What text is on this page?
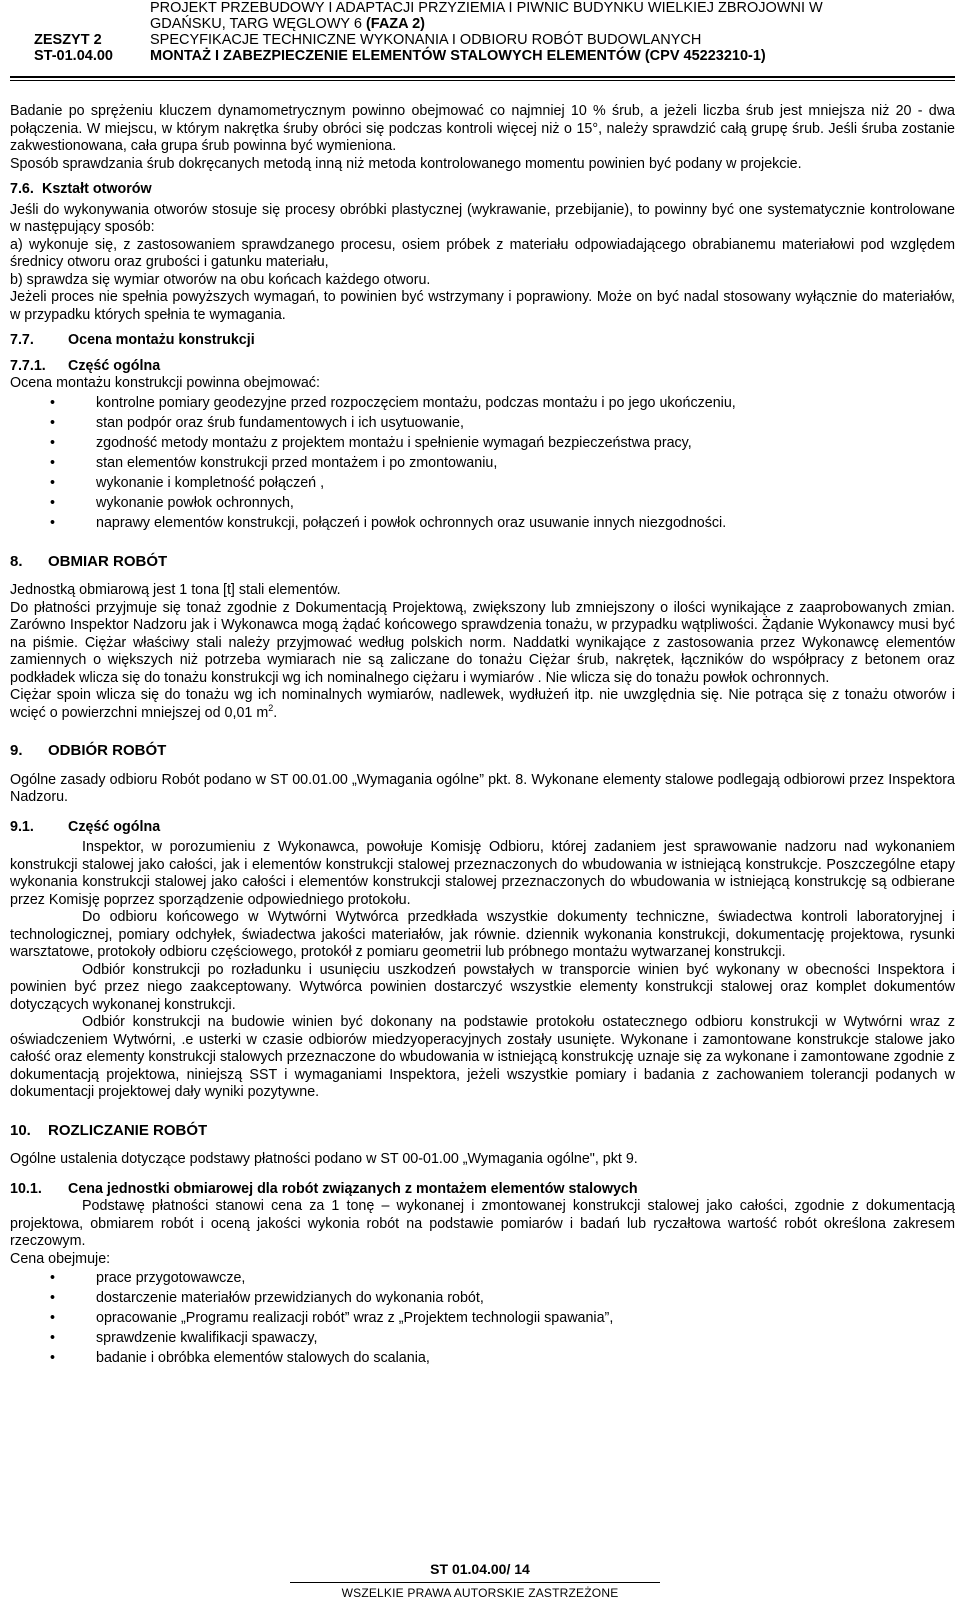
ZESZYT 2
ST-01.04.00
PROJEKT PRZEBUDOWY I ADAPTACJI PRZYZIEMIA I PIWNIC BUDYNKU WIELKIEJ ZBROJOWNI W
GDAŃSKU, TARG WĘGLOWY 6 (FAZA 2)
SPECYFIKACJE TECHNICZNE WYKONANIA I ODBIORU ROBÓT BUDOWLANYCH
MONTAŻ I ZABEZPIECZENIE ELEMENTÓW STALOWYCH ELEMENTÓW (CPV 45223210-1)

Badanie po sprężeniu kluczem dynamometrycznym powinno obejmować co najmniej 10 % śrub, a jeżeli liczba śrub jest mniejsza niż 20 - dwa połączenia. W miejscu, w którym nakrętka śruby obróci się podczas kontroli więcej niż o 15°, należy sprawdzić całą grupę śrub. Jeśli śruba zostanie zakwestionowana, cała grupa śrub powinna być wymieniona.

Sposób sprawdzania śrub dokręcanych metodą inną niż metoda kontrolowanego momentu powinien być podany w projekcie.

7.6. Kształt otworów

Jeśli do wykonywania otworów stosuje się procesy obróbki plastycznej (wykrawanie, przebijanie), to powinny być one systematycznie kontrolowane w następujący sposób:

a) wykonuje się, z zastosowaniem sprawdzanego procesu, osiem próbek z materiału odpowiadającego obrabianemu materiałowi pod względem średnicy otworu oraz grubości i gatunku materiału,

b) sprawdza się wymiar otworów na obu końcach każdego otworu.

Jeżeli proces nie spełnia powyższych wymagań, to powinien być wstrzymany i poprawiony. Może on być nadal stosowany wyłącznie do materiałów, w przypadku których spełnia te wymagania.

7.7. Ocena montażu konstrukcji
7.7.1. Część ogólna

Ocena montażu konstrukcji powinna obejmować:

•	kontrolne pomiary geodezyjne przed rozpoczęciem montażu, podczas montażu i po jego ukończeniu,
•	stan podpór oraz śrub fundamentowych i ich usytuowanie,
•	zgodność metody montażu z projektem montażu i spełnienie wymagań bezpieczeństwa pracy,
•	stan elementów konstrukcji przed montażem i po zmontowaniu,
•	wykonanie i kompletność połączeń ,
•	wykonanie powłok ochronnych,
•	naprawy elementów konstrukcji, połączeń i powłok ochronnych oraz usuwanie innych niezgodności.
8. OBMIAR ROBÓT

Jednostką obmiarową jest 1 tona [t] stali elementów.

Do płatności przyjmuje się tonaż zgodnie z Dokumentacją Projektową, zwiększony lub zmniejszony o ilości wynikające z zaaprobowanych zmian. Zarówno Inspektor Nadzoru jak i Wykonawca mogą żądać końcowego sprawdzenia tonażu, w przypadku wątpliwości. Żądanie Wykonawcy musi być na piśmie. Ciężar właściwy stali należy przyjmować według polskich norm. Naddatki wynikające z zastosowania przez Wykonawcę elementów zamiennych o większych niż potrzeba wymiarach nie są zaliczane do tonażu Ciężar śrub, nakrętek, łączników do współpracy z betonem oraz podkładek wlicza się do tonażu konstrukcji wg ich nominalnego ciężaru i wymiarów . Nie wlicza się do tonażu powłok ochronnych.

Ciężar spoin wlicza się do tonażu wg ich nominalnych wymiarów, nadlewek, wydłużeń itp. nie uwzględnia się. Nie potrąca się z tonażu otworów i wcięć o powierzchni mniejszej od 0,01 $m^2$.

9. ODBIÓR ROBÓT

Ogólne zasady odbioru Robót podano w ST 00.01.00 „Wymagania ogólne” pkt. 8. Wykonane elementy stalowe podlegają odbiorowi przez Inspektora Nadzoru.

9.1. Część ogólna

Inspektor, w porozumieniu z Wykonawca, powołuje Komisję Odbioru, której zadaniem jest sprawowanie nadzoru nad wykonaniem konstrukcji stalowej jako całości, jak i elementów konstrukcji stalowej przeznaczonych do wbudowania w istniejącą konstrukcje. Poszczególne etapy wykonania konstrukcji stalowej jako całości i elementów konstrukcji stalowej przeznaczonych do wbudowania w istniejącą konstrukcję są odbierane przez Komisję poprzez sporządzenie odpowiedniego protokołu.

Do odbioru końcowego w Wytwórni Wytwórca przedkłada wszystkie dokumenty techniczne, świadectwa kontroli laboratoryjnej i technologicznej, pomiary odchyłek, świadectwa jakości materiałów, jak równie. dziennik wykonania konstrukcji, dokumentację projektowa, rysunki warsztatowe, protokoły odbioru częściowego, protokół z pomiaru geometrii lub próbnego montażu wytwarzanej konstrukcji.

Odbiór konstrukcji po rozładunku i usunięciu uszkodzeń powstałych w transporcie winien być wykonany w obecności Inspektora i powinien być przez niego zaakceptowany. Wytwórca powinien dostarczyć wszystkie elementy konstrukcji stalowej oraz komplet dokumentów dotyczących wykonanej konstrukcji.

Odbiór konstrukcji na budowie winien być dokonany na podstawie protokołu ostatecznego odbioru konstrukcji w Wytwórni wraz z oświadczeniem Wytwórni, .e usterki w czasie odbiorów miedzyoperacyjnych zostały usunięte. Wykonane i zamontowane konstrukcje stalowe jako całość oraz elementy konstrukcji stalowych przeznaczone do wbudowania w istniejącą konstrukcję uznaje się za wykonane i zamontowane zgodnie z dokumentacją projektowa, niniejszą SST i wymaganiami Inspektora, jeżeli wszystkie pomiary i badania z zachowaniem tolerancji podanych w dokumentacji projektowej dały wyniki pozytywne.

10. ROZLICZANIE ROBÓT

Ogólne ustalenia dotyczące podstawy płatności podano w ST 00-01.00 „Wymagania ogólne", pkt 9.

10.1. Cena jednostki obmiarowej dla robót związanych z montażem elementów stalowych

Podstawę płatności stanowi cena za 1 tonę – wykonanej i zmontowanej konstrukcji stalowej jako całości, zgodnie z dokumentacją projektowa, obmiarem robót i oceną jakości wykonia robót na podstawie pomiarów i badań lub ryczałtowa wartość robót określona zakresem rzeczowym.

Cena obejmuje:

•	prace przygotowawcze,
•	dostarczenie materiałów przewidzianych do wykonania robót,
•	opracowanie „Programu realizacji robót” wraz z „Projektem technologii spawania”,
•	sprawdzenie kwalifikacji spawaczy,
•	badanie i obróbka elementów stalowych do scalania,
ST 01.04.00/ 14
WSZELKIE PRAWA AUTORSKIE ZASTRZEŻONE
